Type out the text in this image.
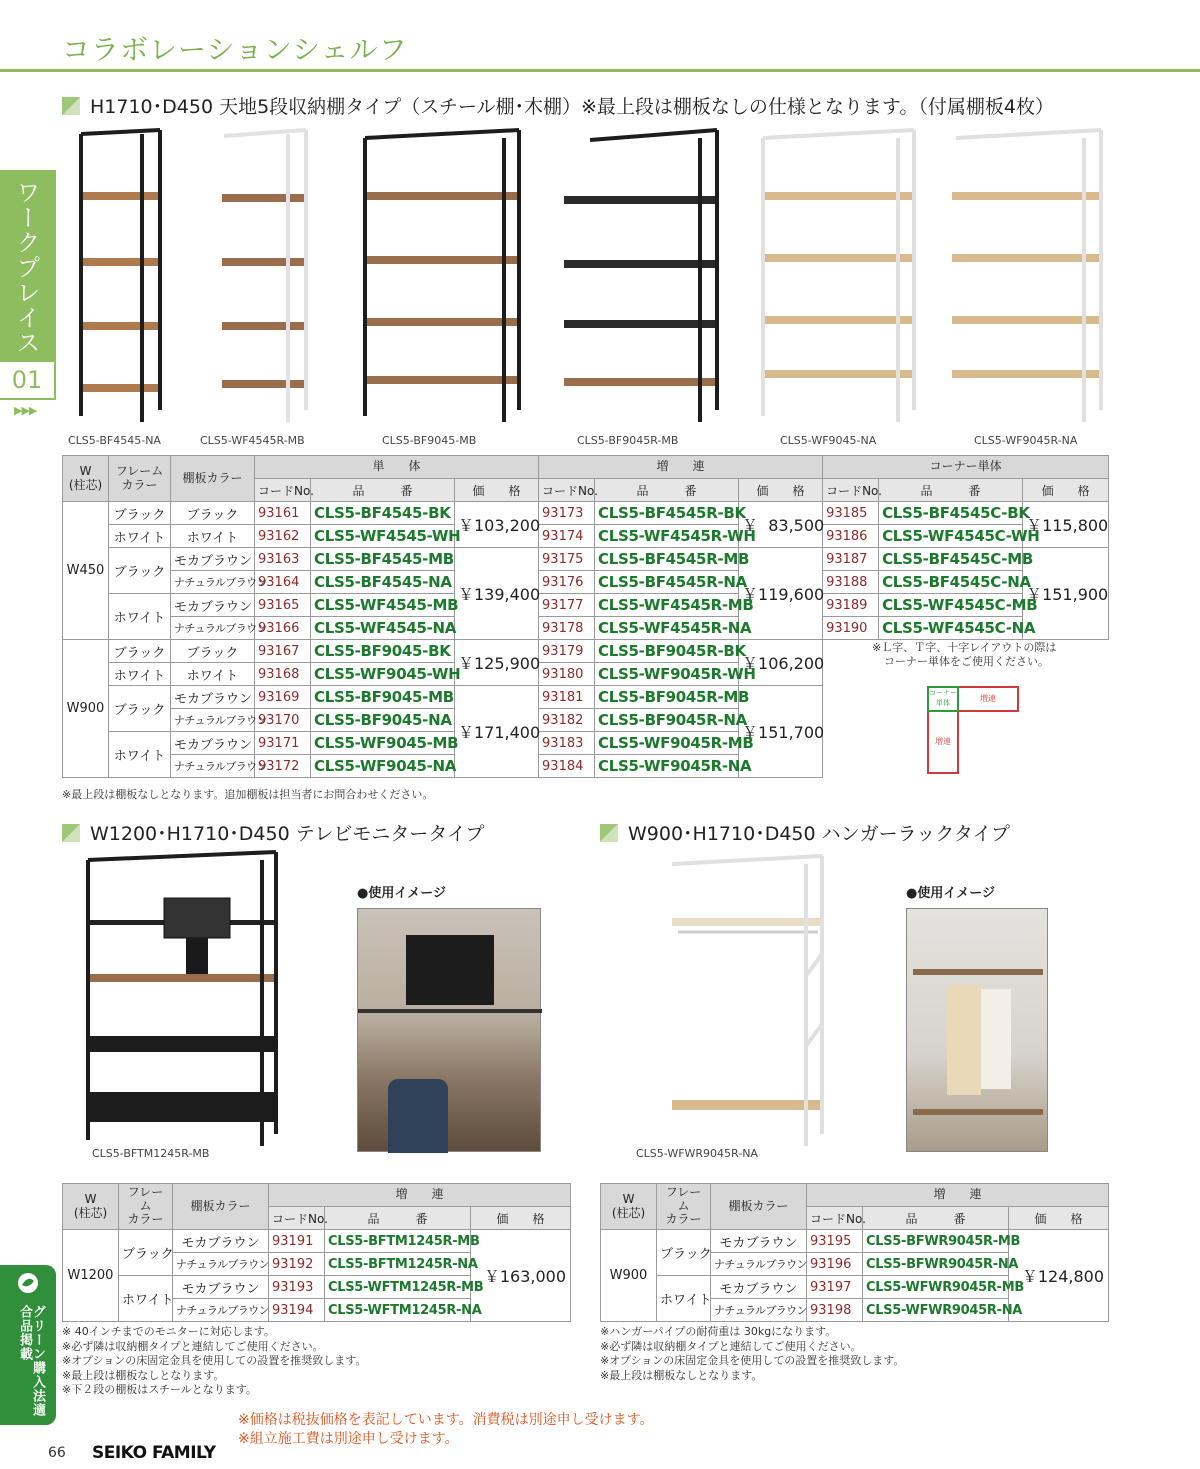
コラボレーションシェルフ
ワークプレイス
01
▶▶▶
H1710･D450 天地5段収納棚タイプ（スチール棚･木棚）※最上段は棚板なしの仕様となります。（付属棚板4枚）
CLS5-BF4545-NA	CLS5-WF4545R-MB	CLS5-BF9045-MB	CLS5-BF9045R-MB	CLS5-WF9045-NA	CLS5-WF9045R-NA
W
(柱芯)	フレーム
カラー	棚板カラー	単　　体			増　　連			コーナー単体		
			コードNo.	品　　　番	価　　格	コードNo.	品　　　番	価　　格	コードNo.	品　　　番	価　　格
W450	ブラック	ブラック	93161	CLS5-BF4545-BK	￥103,200	93173	CLS5-BF4545R-BK	￥  83,500	93185	CLS5-BF4545C-BK	￥115,800
	ホワイト	ホワイト	93162	CLS5-WF4545-WH		93174	CLS5-WF4545R-WH		93186	CLS5-WF4545C-WH	
	ブラック	モカブラウン	93163	CLS5-BF4545-MB	￥139,400	93175	CLS5-BF4545R-MB	￥119,600	93187	CLS5-BF4545C-MB	￥151,900
		ナチュラルブラウン	93164	CLS5-BF4545-NA		93176	CLS5-BF4545R-NA		93188	CLS5-BF4545C-NA	
	ホワイト	モカブラウン	93165	CLS5-WF4545-MB		93177	CLS5-WF4545R-MB		93189	CLS5-WF4545C-MB	
		ナチュラルブラウン	93166	CLS5-WF4545-NA		93178	CLS5-WF4545R-NA		93190	CLS5-WF4545C-NA	
W900	ブラック	ブラック	93167	CLS5-BF9045-BK	￥125,900	93179	CLS5-BF9045R-BK	￥106,200			
	ホワイト	ホワイト	93168	CLS5-WF9045-WH		93180	CLS5-WF9045R-WH				
	ブラック	モカブラウン	93169	CLS5-BF9045-MB	￥171,400	93181	CLS5-BF9045R-MB	￥151,700			
		ナチュラルブラウン	93170	CLS5-BF9045-NA		93182	CLS5-BF9045R-NA				
	ホワイト	モカブラウン	93171	CLS5-WF9045-MB		93183	CLS5-WF9045R-MB				
		ナチュラルブラウン	93172	CLS5-WF9045-NA		93184	CLS5-WF9045R-NA				
※Ｌ字、Ｔ字、十字レイアウトの際は
コーナー単体をご使用ください。
コーナー
単体	増連
増連
※最上段は棚板なしとなります。追加棚板は担当者にお問合わせください。
W1200･H1710･D450 テレビモニタータイプ
CLS5-BFTM1245R-MB
●使用イメージ
W
(柱芯)	フレーム
カラー	棚板カラー	増　　連		
			コードNo.	品　　　番	価　　格
W1200	ブラック	モカブラウン	93191	CLS5-BFTM1245R-MB	￥163,000
		ナチュラルブラウン	93192	CLS5-BFTM1245R-NA	
	ホワイト	モカブラウン	93193	CLS5-WFTM1245R-MB	
		ナチュラルブラウン	93194	CLS5-WFTM1245R-NA	
※ 40インチまでのモニターに対応します。
※必ず隣は収納棚タイプと連結してご使用ください。
※オプションの床固定金具を使用しての設置を推奨致します。
※最上段は棚板なしとなります。
※下２段の棚板はスチールとなります。
W900･H1710･D450 ハンガーラックタイプ
CLS5-WFWR9045R-NA
●使用イメージ
W
(柱芯)	フレーム
カラー	棚板カラー	増　　連		
			コードNo.	品　　　番	価　　格
W900	ブラック	モカブラウン	93195	CLS5-BFWR9045R-MB	￥124,800
		ナチュラルブラウン	93196	CLS5-BFWR9045R-NA	
	ホワイト	モカブラウン	93197	CLS5-WFWR9045R-MB	
		ナチュラルブラウン	93198	CLS5-WFWR9045R-NA	
※ハンガーパイプの耐荷重は 30kgになります。
※必ず隣は収納棚タイプと連結してご使用ください。
※オプションの床固定金具を使用しての設置を推奨致します。
※最上段は棚板なしとなります。
グリーン購入法適合品掲載
66 SEIKO FAMILY
※価格は税抜価格を表記しています。消費税は別途申し受けます。
※組立施工費は別途申し受けます。
